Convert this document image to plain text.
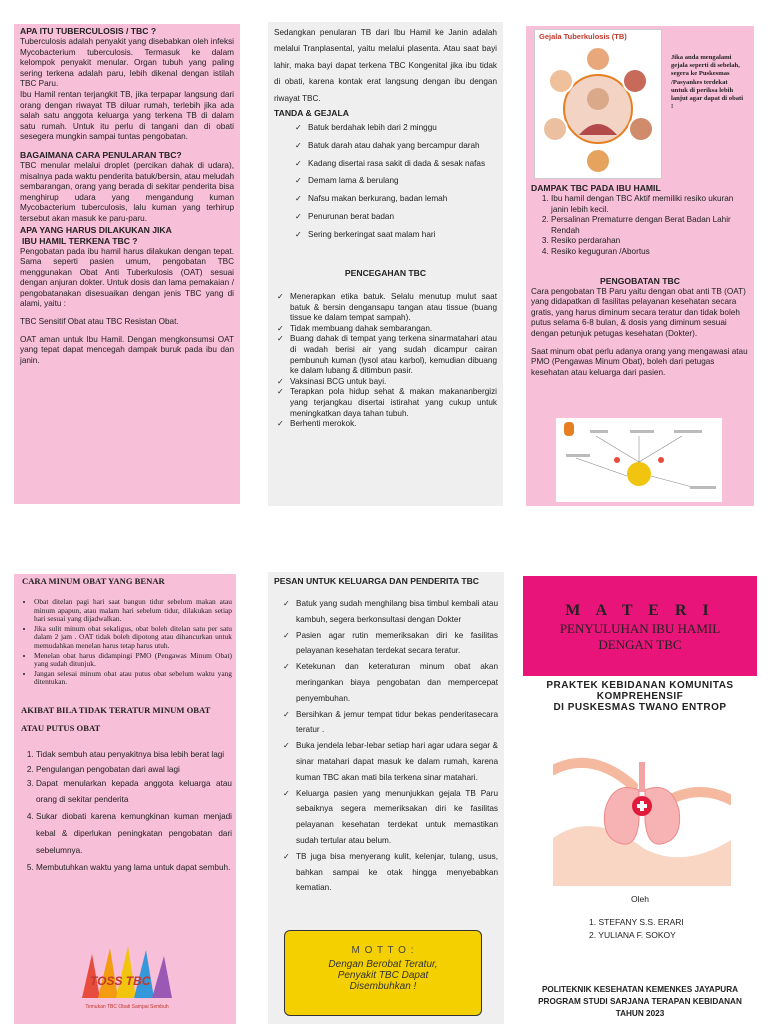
APA ITU TUBERCULOSIS / TBC ?
Tuberculosis adalah penyakit yang disebabkan oleh infeksi Mycobacterium tuberculosis. Termasuk ke dalam kelompok penyakit menular. Organ tubuh yang paling sering terkena adalah paru, lebih dikenal dengan istilah TBC Paru.
Ibu Hamil rentan terjangkit TB, jika terpapar langsung dari orang dengan riwayat TB diluar rumah, terlebih jika ada salah satu anggota keluarga yang terkena TB di dalam satu rumah. Untuk itu perlu di tangani dan di obati sesegera mungkin sampai tuntas pengobatan.
BAGAIMANA CARA PENULARAN TBC?
TBC menular melalui droplet (percikan dahak di udara), misalnya pada waktu penderita batuk/bersin, atau meludah sembarangan, orang yang berada di sekitar penderita bisa menghirup udara yang mengandung kuman Mycobacterium tuberculosis, lalu kuman yang terhirup tersebut akan masuk ke paru-paru.
APA YANG HARUS DILAKUKAN JIKA
IBU HAMIL TERKENA TBC ?
Pengobatan pada ibu hamil harus dilakukan dengan tepat. Sama seperti pasien umum, pengobatan TBC menggunakan Obat Anti Tuberkulosis (OAT) sesuai dengan anjuran dokter. Untuk dosis dan lama pemakaian / pengobatanakan disesuaikan dengan jenis TBC yang di alami, yaitu :
TBC Sensitif Obat atau TBC Resistan Obat.
OAT aman untuk Ibu Hamil. Dengan mengkonsumsi OAT yang tepat dapat mencegah dampak buruk pada ibu dan janin.
Sedangkan penularan TB dari Ibu Hamil ke Janin adalah melalui Tranplasental, yaitu melalui plasenta. Atau saat bayi lahir, maka bayi dapat terkena TBC Kongenital jika ibu tidak di obati, karena kontak erat langsung dengan ibu dengan riwayat TBC.
TANDA & GEJALA
✓ Batuk berdahak lebih dari 2 minggu
✓ Batuk darah atau dahak yang bercampur darah
✓ Kadang disertai rasa sakit di dada & sesak nafas
✓ Demam lama & berulang
✓ Nafsu makan berkurang, badan lemah
✓ Penurunan berat badan
✓ Sering berkeringat saat malam hari
PENCEGAHAN TBC
✓ Menerapkan etika batuk. Selalu menutup mulut saat batuk & bersin dengansapu tangan atau tissue (buang tissue ke dalam tempat sampah).
✓ Tidak membuang dahak sembarangan.
✓ Buang dahak di tempat yang terkena sinarmatahari atau di wadah berisi air yang sudah dicampur cairan pembunuh kuman (lysol atau karbol), kemudian dibuang ke dalam lubang & ditimbun pasir.
✓ Vaksinasi BCG untuk bayi.
✓ Terapkan pola hidup sehat & makan makananbergizi yang terjangkau disertai istirahat yang cukup untuk meningkatkan daya tahan tubuh.
✓ Berhenti merokok.
Gejala Tuberkulosis (TB)
Jika anda mengalami gejala seperti di sebelah, segera ke Puskesmas /Pasyankes terdekat untuk di periksa lebih lanjut agar dapat di obati !
DAMPAK TBC PADA IBU HAMIL
1. Ibu hamil dengan TBC Aktif memiliki resiko ukuran janin lebih kecil.
2. Persalinan Prematurre dengan Berat Badan Lahir Rendah
3. Resiko perdarahan
4. Resiko keguguran /Abortus
PENGOBATAN TBC
Cara pengobatan TB Paru yaitu dengan obat anti TB (OAT) yang didapatkan di fasilitas pelayanan kesehatan secara gratis, yang harus diminum secara teratur dan tidak boleh putus selama 6-8 bulan, & dosis yang diminum sesuai dengan petunjuk petugas kesehatan (Dokter).
Saat minum obat perlu adanya orang yang mengawasi atau PMO (Pengawas Minum Obat), boleh dari petugas kesehatan atau keluarga dari pasien.
CARA MINUM OBAT YANG BENAR
• Obat ditelan pagi hari saat bangun tidur sebelum makan atau minum apapun, atau malam hari sebelum tidur, dilakukan setiap hari sesuai yang dijadwalkan.
• Jika sulit minum obat sekaligus, obat boleh ditelan satu per satu dalam 2 jam . OAT tidak boleh dipotong atau dihancurkan untuk memudahkan menelan harus tetap harus utuh.
• Menelan obat harus didampingi PMO (Pengawas Minum Obat) yang sudah ditunjuk.
• Jangan selesai minum obat atau putus obat sebelum waktu yang ditentukan.
AKIBAT BILA TIDAK TERATUR MINUM OBAT
ATAU PUTUS OBAT
1. Tidak sembuh atau penyakitnya bisa lebih berat lagi
2. Pengulangan pengobatan dari awal lagi
3. Dapat menularkan kepada anggota keluarga atau orang di sekitar penderita
4. Sukar diobati karena kemungkinan kuman menjadi kebal & diperlukan peningkatan pengobatan dari sebelumnya.
5. Membutuhkan waktu yang lama untuk dapat sembuh.
TOSS TBC
Temukan TBC Obati Sampai Sembuh
PESAN UNTUK KELUARGA DAN PENDERITA TBC
✓ Batuk yang sudah menghilang bisa timbul kembali atau kambuh, segera berkonsultasi dengan Dokter
✓ Pasien agar rutin memeriksakan diri ke fasilitas pelayanan kesehatan terdekat secara teratur.
✓ Ketekunan dan keteraturan minum obat akan meringankan biaya pengobatan dan mempercepat penyembuhan.
✓ Bersihkan & jemur tempat tidur bekas penderitasecara teratur .
✓ Buka jendela lebar-lebar setiap hari agar udara segar & sinar matahari dapat masuk ke dalam rumah, karena kuman TBC akan mati bila terkena sinar matahari.
✓ Keluarga pasien yang menunjukkan gejala TB Paru sebaiknya segera memeriksakan diri ke fasilitas pelayanan kesehatan terdekat untuk memastikan sudah tertular atau belum.
✓ TB juga bisa menyerang kulit, kelenjar, tulang, usus, bahkan sampai ke otak hingga menyebabkan kematian.
M O T T O :
Dengan Berobat Teratur,
Penyakit TBC Dapat
Disembuhkan !
M A T E R I
PENYULUHAN IBU HAMIL
DENGAN TBC
PRAKTEK KEBIDANAN KOMUNITAS
KOMPREHENSIF
DI PUSKESMAS TWANO ENTROP
Oleh
1. STEFANY S.S. ERARI
2. YULIANA F. SOKOY
POLITEKNIK KESEHATAN KEMENKES JAYAPURA
PROGRAM STUDI SARJANA TERAPAN KEBIDANAN
TAHUN 2023
